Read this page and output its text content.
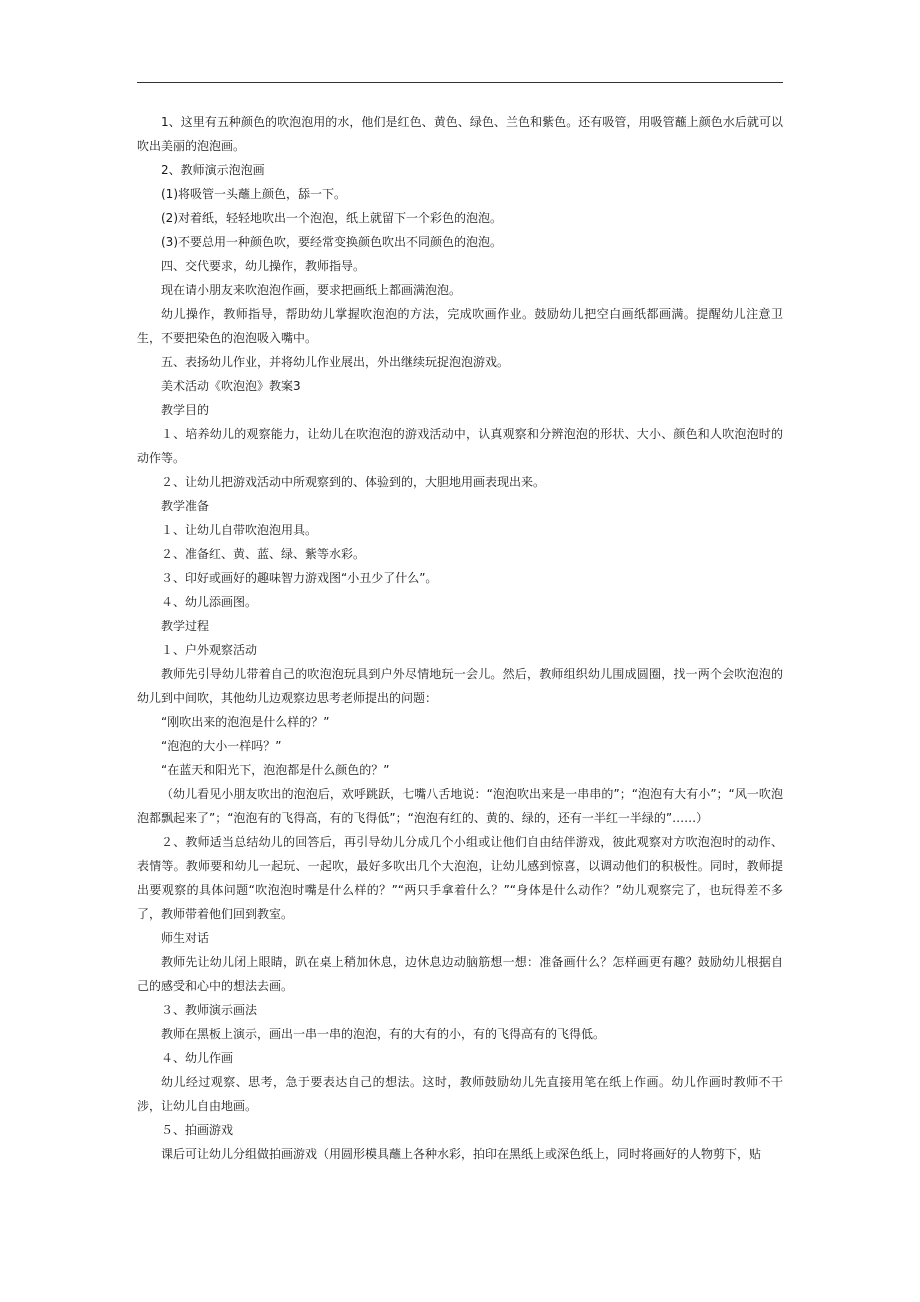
1、这里有五种颜色的吹泡泡用的水，他们是红色、黄色、绿色、兰色和紫色。还有吸管，用吸管蘸上颜色水后就可以吹出美丽的泡泡画。

2、教师演示泡泡画

(1)将吸管一头蘸上颜色，舔一下。

(2)对着纸，轻轻地吹出一个泡泡，纸上就留下一个彩色的泡泡。

(3)不要总用一种颜色吹，要经常变换颜色吹出不同颜色的泡泡。

四、交代要求，幼儿操作，教师指导。

现在请小朋友来吹泡泡作画，要求把画纸上都画满泡泡。

幼儿操作，教师指导，帮助幼儿掌握吹泡泡的方法，完成吹画作业。鼓励幼儿把空白画纸都画满。提醒幼儿注意卫生，不要把染色的泡泡吸入嘴中。

五、表扬幼儿作业，并将幼儿作业展出，外出继续玩捉泡泡游戏。

美术活动《吹泡泡》教案3

教学目的

１、培养幼儿的观察能力，让幼儿在吹泡泡的游戏活动中，认真观察和分辨泡泡的形状、大小、颜色和人吹泡泡时的动作等。

２、让幼儿把游戏活动中所观察到的、体验到的，大胆地用画表现出来。

教学准备

１、让幼儿自带吹泡泡用具。

２、准备红、黄、蓝、绿、紫等水彩。

３、印好或画好的趣味智力游戏图“小丑少了什么”。

４、幼儿添画图。

教学过程

１、户外观察活动

教师先引导幼儿带着自己的吹泡泡玩具到户外尽情地玩一会儿。然后，教师组织幼儿围成圆圈，找一两个会吹泡泡的幼儿到中间吹，其他幼儿边观察边思考老师提出的问题：

“刚吹出来的泡泡是什么样的？”

“泡泡的大小一样吗？”

“在蓝天和阳光下，泡泡都是什么颜色的？”

（幼儿看见小朋友吹出的泡泡后，欢呼跳跃，七嘴八舌地说：“泡泡吹出来是一串串的”；“泡泡有大有小”；“风一吹泡泡都飘起来了”；“泡泡有的飞得高，有的飞得低”；“泡泡有红的、黄的、绿的，还有一半红一半绿的”……）

２、教师适当总结幼儿的回答后，再引导幼儿分成几个小组或让他们自由结伴游戏，彼此观察对方吹泡泡时的动作、表情等。教师要和幼儿一起玩、一起吹，最好多吹出几个大泡泡，让幼儿感到惊喜，以调动他们的积极性。同时，教师提出要观察的具体问题“吹泡泡时嘴是什么样的？”“两只手拿着什么？”“身体是什么动作？”幼儿观察完了，也玩得差不多了，教师带着他们回到教室。

师生对话

教师先让幼儿闭上眼睛，趴在桌上稍加休息，边休息边动脑筋想一想：准备画什么？怎样画更有趣？鼓励幼儿根据自己的感受和心中的想法去画。

３、教师演示画法

教师在黑板上演示，画出一串一串的泡泡，有的大有的小，有的飞得高有的飞得低。

４、幼儿作画

幼儿经过观察、思考，急于要表达自己的想法。这时，教师鼓励幼儿先直接用笔在纸上作画。幼儿作画时教师不干涉，让幼儿自由地画。

５、拍画游戏

课后可让幼儿分组做拍画游戏（用圆形模具蘸上各种水彩，拍印在黑纸上或深色纸上，同时将画好的人物剪下，贴
